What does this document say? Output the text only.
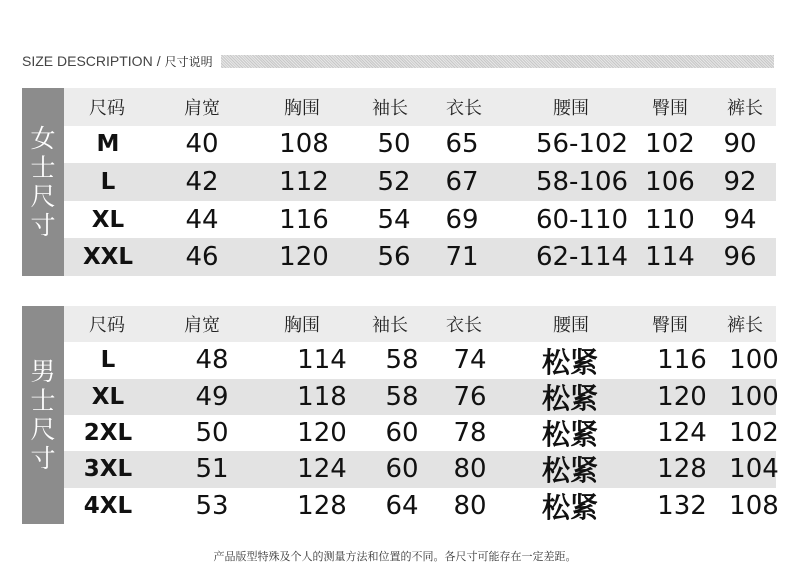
SIZE DESCRIPTION / 尺寸说明
女
士
尺
寸
尺码	肩宽	胸围	袖长	衣长	腰围	臀围	裤长
M	40	108	50	65	56-102 102	90
L	42	112	52	67	58-106 106	92
XL	44	116	54	69	60-110 110	94
XXL	46	120	56	71	62-114 114	96
男
士
尺
寸
尺码	肩宽	胸围	袖长	衣长	腰围	臀围	裤长
L	48	114	58	74	松紧	116 100
XL	49	118	58	76	松紧	120 100
2XL	50	120	60	78	松紧	124 102
3XL	51	124	60	80	松紧	128 104
4XL	53	128	64	80	松紧	132 108
产品版型特殊及个人的测量方法和位置的不同。各尺寸可能存在一定差距。
